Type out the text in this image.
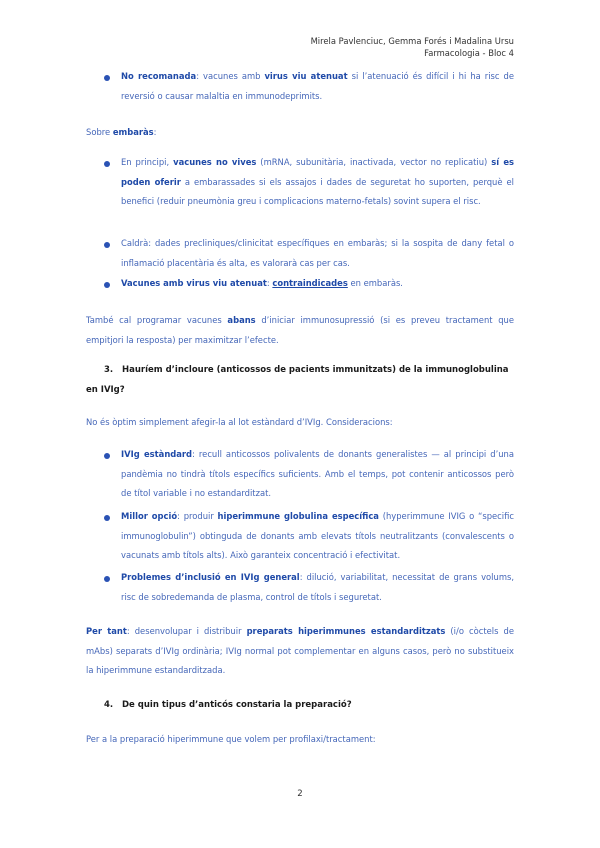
Mirela Pavlenciuc, Gemma Forés i Madalina Ursu
Farmacologia - Bloc 4
No recomanada: vacunes amb virus viu atenuat si l’atenuació és difícil i hi ha risc de reversió o causar malaltia en immunodeprimits.
Sobre embaràs:
En principi, vacunes no vives (mRNA, subunitària, inactivada, vector no replicatiu) sí es poden oferir a embarassades si els assajos i dades de seguretat ho suporten, perquè el benefici (reduir pneumònia greu i complicacions materno-fetals) sovint supera el risc.
Caldrà: dades precliniques/clinicitat específiques en embaràs; si la sospita de dany fetal o inflamació placentària és alta, es valorarà cas per cas.
Vacunes amb virus viu atenuat: contraindicades en embaràs.
També cal programar vacunes abans d’iniciar immunosupressió (si es preveu tractament que empitjori la resposta) per maximitzar l’efecte.
3. Hauríem d’incloure (anticossos de pacients immunitzats) de la immunoglobulina en IVIg?
No és òptim simplement afegir-la al lot estàndard d’IVIg. Consideracions:
IVIg estàndard: recull anticossos polivalents de donants generalistes — al principi d’una pandèmia no tindrà títols específics suficients. Amb el temps, pot contenir anticossos però de títol variable i no estandarditzat.
Millor opció: produir hiperimmune globulina específica (hyperimmune IVIG o “specific immunoglobulin”) obtinguda de donants amb elevats títols neutralitzants (convalescents o vacunats amb títols alts). Això garanteix concentració i efectivitat.
Problemes d’inclusió en IVIg general: dilució, variabilitat, necessitat de grans volums, risc de sobredemanda de plasma, control de títols i seguretat.
Per tant: desenvolupar i distribuir preparats hiperimmunes estandarditzats (i/o còctels de mAbs) separats d’IVIg ordinària; IVIg normal pot complementar en alguns casos, però no substitueix la hiperimmune estandarditzada.
4. De quin tipus d’anticós constaria la preparació?
Per a la preparació hiperimmune que volem per profilaxi/tractament:
2
